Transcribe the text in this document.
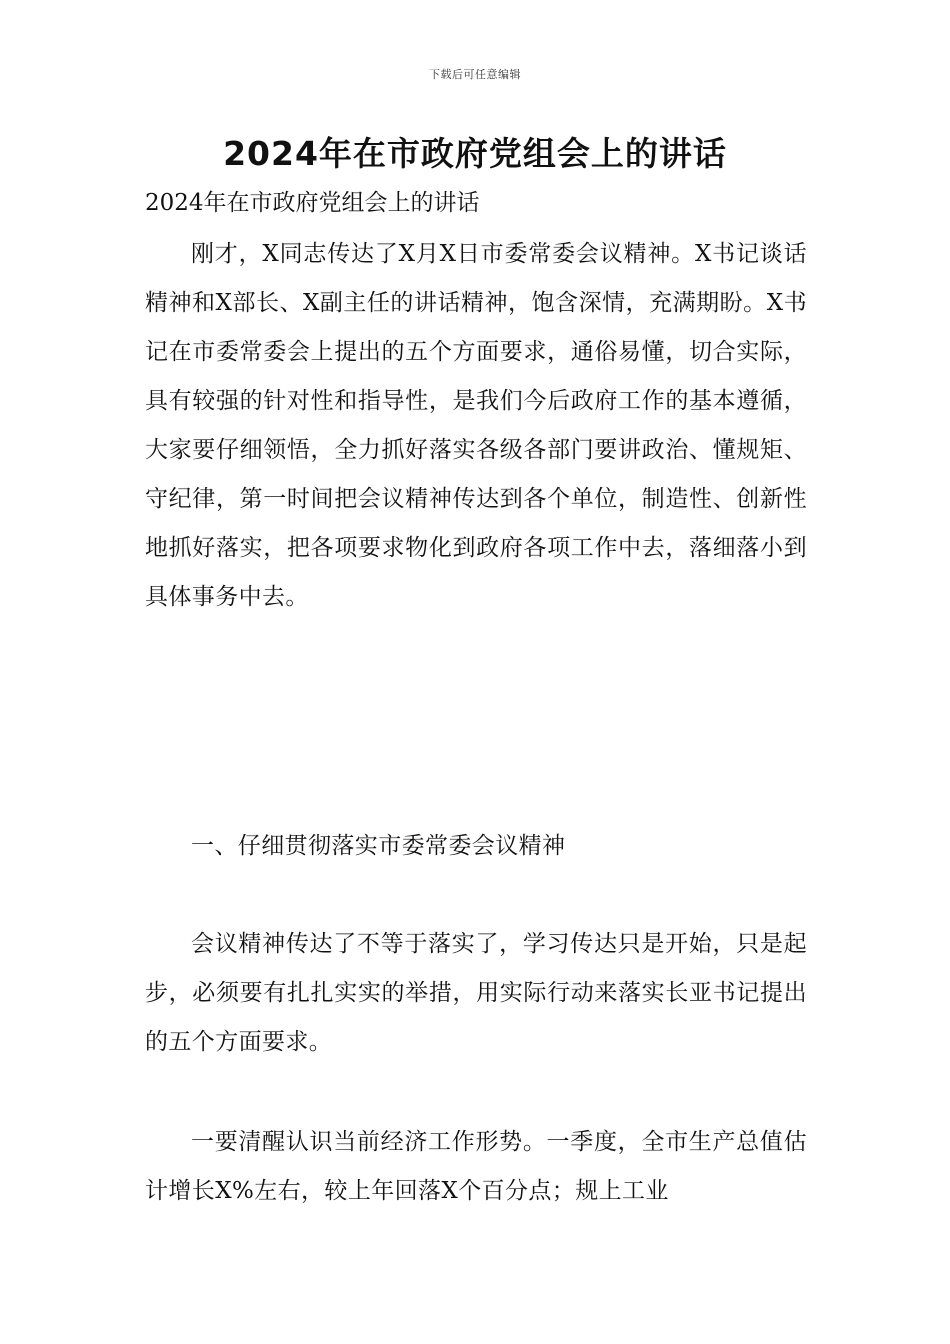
下载后可任意编辑
2024年在市政府党组会上的讲话

2024年在市政府党组会上的讲话

刚才，X同志传达了X月X日市委常委会议精神。X书记谈话精神和X部长、X副主任的讲话精神，饱含深情，充满期盼。X书记在市委常委会上提出的五个方面要求，通俗易懂，切合实际，具有较强的针对性和指导性，是我们今后政府工作的基本遵循，大家要仔细领悟，全力抓好落实各级各部门要讲政治、懂规矩、守纪律，第一时间把会议精神传达到各个单位，制造性、创新性地抓好落实，把各项要求物化到政府各项工作中去，落细落小到具体事务中去。

一、仔细贯彻落实市委常委会议精神

会议精神传达了不等于落实了，学习传达只是开始，只是起步，必须要有扎扎实实的举措，用实际行动来落实长亚书记提出的五个方面要求。

一要清醒认识当前经济工作形势。一季度，全市生产总值估计增长X%左右，较上年回落X个百分点；规上工业
